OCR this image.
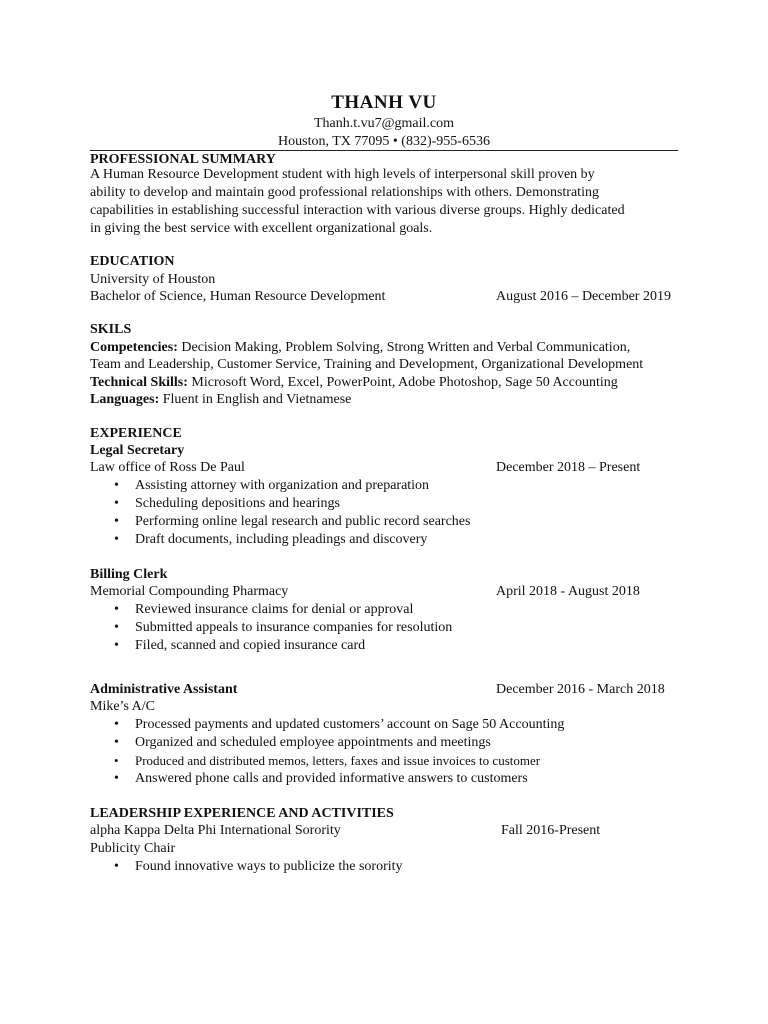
THANH VU
Thanh.t.vu7@gmail.com
Houston, TX 77095 • (832)-955-6536
PROFESSIONAL SUMMARY
A Human Resource Development student with high levels of interpersonal skill proven by
ability to develop and maintain good professional relationships with others. Demonstrating
capabilities in establishing successful interaction with various diverse groups. Highly dedicated
in giving the best service with excellent organizational goals.
EDUCATION
University of Houston
Bachelor of Science, Human Resource Development	August 2016 – December 2019
SKILS
Competencies: Decision Making, Problem Solving, Strong Written and Verbal Communication,
Team and Leadership, Customer Service, Training and Development, Organizational Development
Technical Skills: Microsoft Word, Excel, PowerPoint, Adobe Photoshop, Sage 50 Accounting
Languages: Fluent in English and Vietnamese
EXPERIENCE
Legal Secretary
Law office of Ross De Paul	December 2018 – Present
• Assisting attorney with organization and preparation
• Scheduling depositions and hearings
• Performing online legal research and public record searches
• Draft documents, including pleadings and discovery
Billing Clerk
Memorial Compounding Pharmacy	April 2018 - August 2018
• Reviewed insurance claims for denial or approval
• Submitted appeals to insurance companies for resolution
• Filed, scanned and copied insurance card
Administrative Assistant	December 2016 - March 2018
Mike’s A/C
• Processed payments and updated customers’ account on Sage 50 Accounting
• Organized and scheduled employee appointments and meetings
• Produced and distributed memos, letters, faxes and issue invoices to customer
• Answered phone calls and provided informative answers to customers
LEADERSHIP EXPERIENCE AND ACTIVITIES
alpha Kappa Delta Phi International Sorority	Fall 2016-Present
Publicity Chair
• Found innovative ways to publicize the sorority
